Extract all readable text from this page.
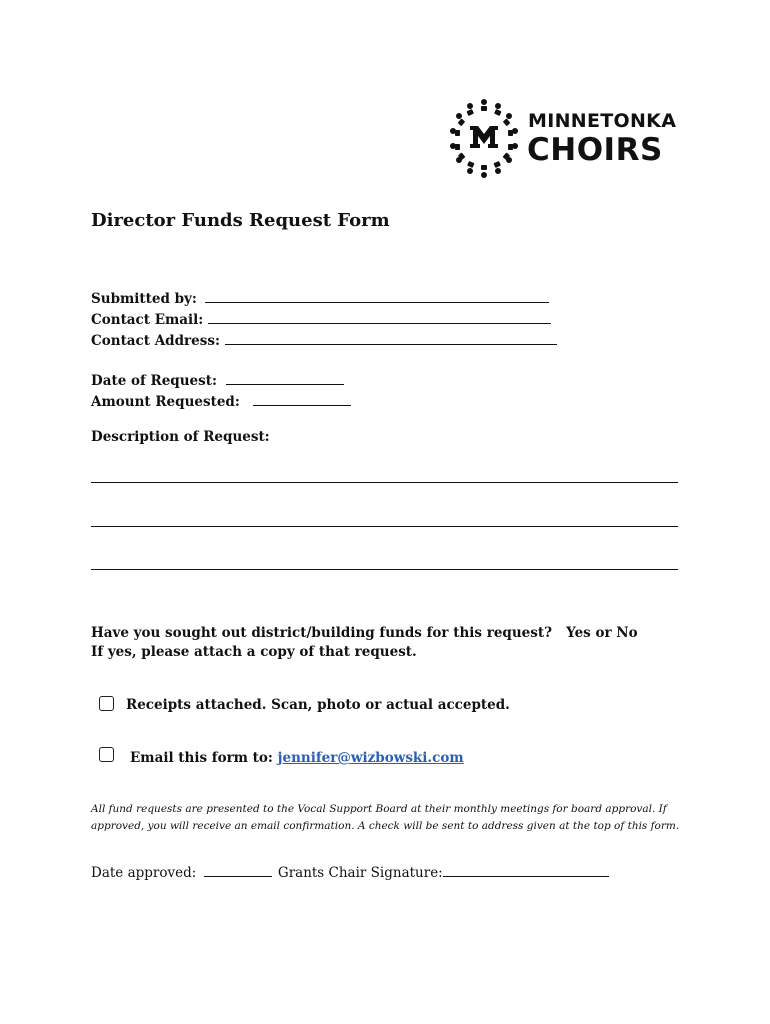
MINNETONKA
CHOIRS
Director Funds Request Form
Submitted by:
Contact Email:
Contact Address:
Date of Request:
Amount Requested:
Description of Request:
Have you sought out district/building funds for this request?   Yes or No
If yes, please attach a copy of that request.
Receipts attached. Scan, photo or actual accepted.
Email this form to: jennifer@wizbowski.com
All fund requests are presented to the Vocal Support Board at their monthly meetings for board approval. If approved, you will receive an email confirmation. A check will be sent to address given at the top of this form.
Date approved:	Grants Chair Signature:
